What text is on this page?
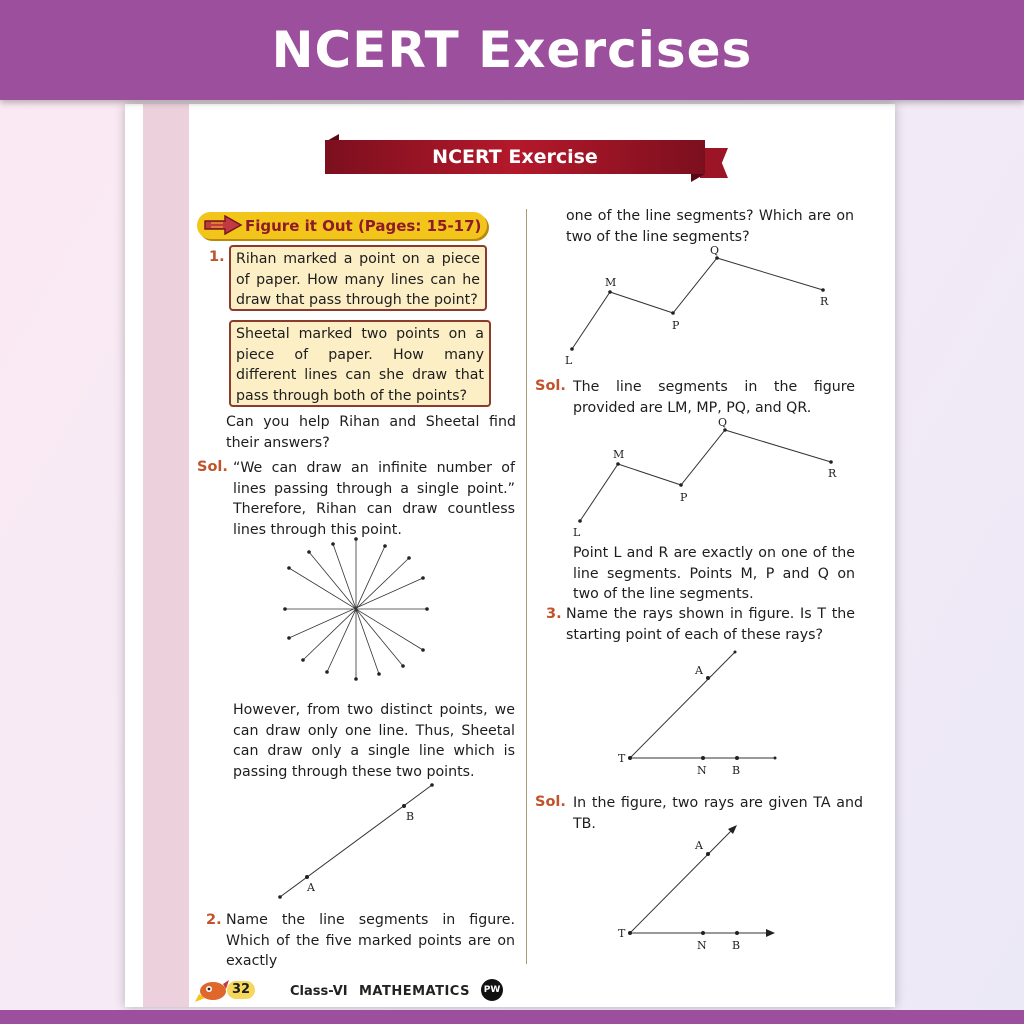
NCERT Exercises
NCERT Exercise
Figure it Out (Pages: 15-17)
1. Rihan marked a point on a piece of paper. How many lines can he draw that pass through the point?
Sheetal marked two points on a piece of paper. How many different lines can she draw that pass through both of the points?
Can you help Rihan and Sheetal find their answers?
Sol. “We can draw an infinite number of lines passing through a single point.” Therefore, Rihan can draw countless lines through this point.
However, from two distinct points, we can draw only one line. Thus, Sheetal can draw only a single line which is passing through these two points.
B
A
2. Name the line segments in figure. Which of the five marked points are on exactly
one of the line segments? Which are on two of the line segments?
L
M
P
Q
R
Sol. The line segments in the figure provided are LM, MP, PQ, and QR.
L
M
P
Q
R
Point L and R are exactly on one of the line segments. Points M, P and Q on two of the line segments.
3. Name the rays shown in figure. Is T the starting point of each of these rays?
T
A
N B
Sol. In the figure, two rays are given TA and TB.
T
A
N B
32	Class-VI MATHEMATICS	PW
